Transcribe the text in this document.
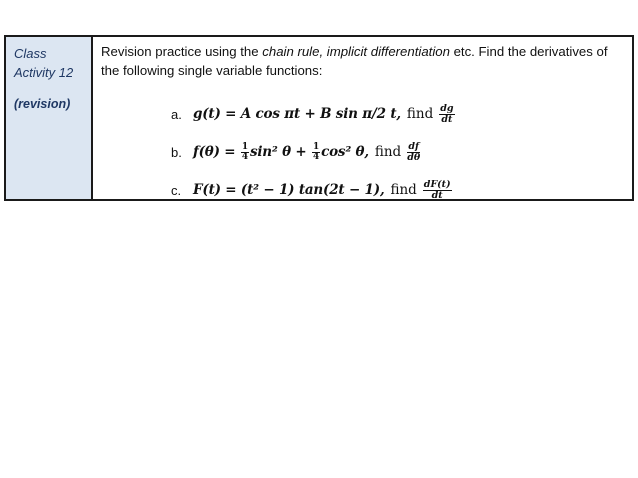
Class
Activity 12
(revision)
Revision practice using the chain rule, implicit differentiation etc. Find the derivatives of
the following single variable functions:
a. g(t) = A cos πt + B sin π/2 t, find $\frac{dg}{dt}$
b. $f(\theta) = \frac{1}{4} \sin^2$ $\theta + \frac{1}{4} \cos^2$ θ, find $\frac{df}{d\theta}$
c. F(t) = (t² − 1) tan(2t − 1), find $\frac{dF(t)}{dt}$
